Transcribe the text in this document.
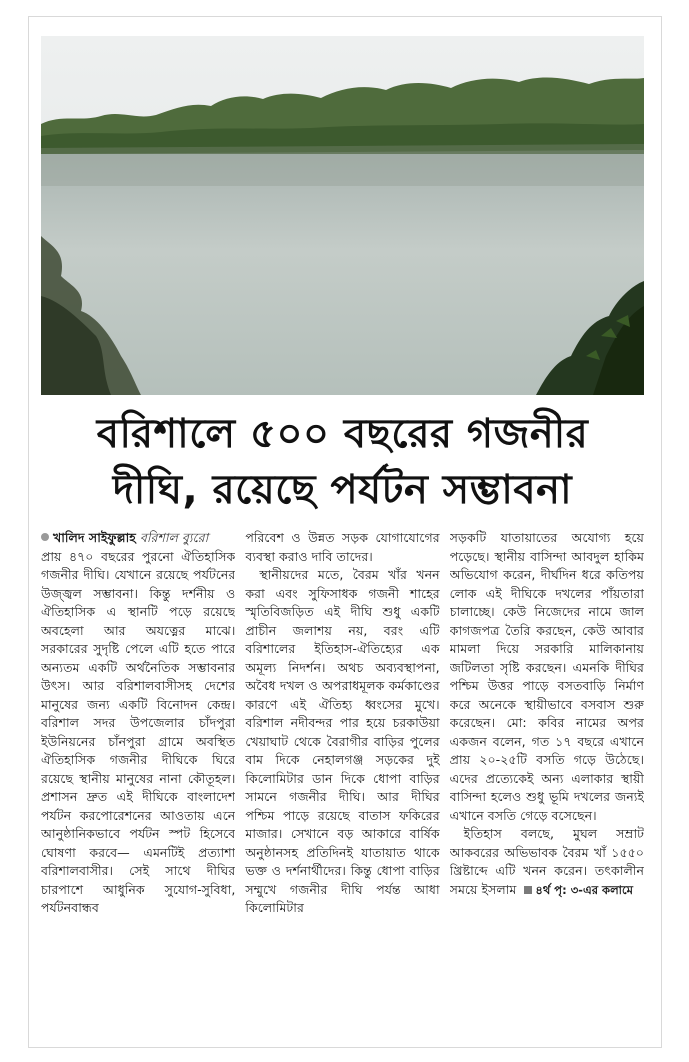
বরিশালে ৫০০ বছরের গজনীর
দীঘি, রয়েছে পর্যটন সম্ভাবনা

খালিদ সাইফুল্লাহ বরিশাল ব্যুরো

প্রায় ৪৭০ বছরের পুরনো ঐতিহাসিক গজনীর দীঘি। যেখানে রয়েছে পর্যটনের উজ্জ্বল সম্ভাবনা। কিন্তু দর্শনীয় ও ঐতিহাসিক এ স্থানটি পড়ে রয়েছে অবহেলা আর অযত্নের মাঝে। সরকারের সুদৃষ্টি পেলে এটি হতে পারে অন্যতম একটি অর্থনৈতিক সম্ভাবনার উৎস। আর বরিশালবাসীসহ দেশের মানুষের জন্য একটি বিনোদন কেন্দ্র। বরিশাল সদর উপজেলার চাঁদপুরা ইউনিয়নের চাঁনপুরা গ্রামে অবস্থিত ঐতিহাসিক গজনীর দীঘিকে ঘিরে রয়েছে স্থানীয় মানুষের নানা কৌতূহল। প্রশাসন দ্রুত এই দীঘিকে বাংলাদেশ পর্যটন করপোরেশনের আওতায় এনে আনুষ্ঠানিকভাবে পর্যটন স্পট হিসেবে ঘোষণা করবে— এমনটিই প্রত্যাশা বরিশালবাসীর। সেই সাথে দীঘির চারপাশে আধুনিক সুযোগ-সুবিধা, পর্যটনবান্ধব

পরিবেশ ও উন্নত সড়ক যোগাযোগের ব্যবস্থা করাও দাবি তাদের।

স্থানীয়দের মতে, বৈরম খাঁর খনন করা এবং সুফিসাধক গজনী শাহের স্মৃতিবিজড়িত এই দীঘি শুধু একটি প্রাচীন জলাশয় নয়, বরং এটি বরিশালের ইতিহাস-ঐতিহ্যের এক অমূল্য নিদর্শন। অথচ অব্যবস্থাপনা, অবৈধ দখল ও অপরাধমূলক কর্মকাণ্ডের কারণে এই ঐতিহ্য ধ্বংসের মুখে। বরিশাল নদীবন্দর পার হয়ে চরকাউয়া খেয়াঘাট থেকে বৈরাগীর বাড়ির পুলের বাম দিকে নেহালগঞ্জ সড়কের দুই কিলোমিটার ডান দিকে ধোপা বাড়ির সামনে গজনীর দীঘি। আর দীঘির পশ্চিম পাড়ে রয়েছে বাতাস ফকিরের মাজার। সেখানে বড় আকারে বার্ষিক অনুষ্ঠানসহ প্রতিদিনই যাতায়াত থাকে ভক্ত ও দর্শনার্থীদের। কিন্তু ধোপা বাড়ির সম্মুখে গজনীর দীঘি পর্যন্ত আধা কিলোমিটার

সড়কটি যাতায়াতের অযোগ্য হয়ে পড়েছে। স্থানীয় বাসিন্দা আবদুল হাকিম অভিযোগ করেন, দীর্ঘদিন ধরে কতিপয় লোক এই দীঘিকে দখলের পাঁয়তারা চালাচ্ছে। কেউ নিজেদের নামে জাল কাগজপত্র তৈরি করছেন, কেউ আবার মামলা দিয়ে সরকারি মালিকানায় জটিলতা সৃষ্টি করছেন। এমনকি দীঘির পশ্চিম উত্তর পাড়ে বসতবাড়ি নির্মাণ করে অনেকে স্থায়ীভাবে বসবাস শুরু করেছেন। মো: কবির নামের অপর একজন বলেন, গত ১৭ বছরে এখানে প্রায় ২০-২৫টি বসতি গড়ে উঠেছে। এদের প্রত্যেকেই অন্য এলাকার স্থায়ী বাসিন্দা হলেও শুধু ভূমি দখলের জন্যই এখানে বসতি গেড়ে বসেছেন।

ইতিহাস বলছে, মুঘল সম্রাট আকবরের অভিভাবক বৈরম খাঁ ১৫৫০ খ্রিষ্টাব্দে এটি খনন করেন। তৎকালীন সময়ে ইসলাম ৪র্থ পৃ: ৩-এর কলামে
